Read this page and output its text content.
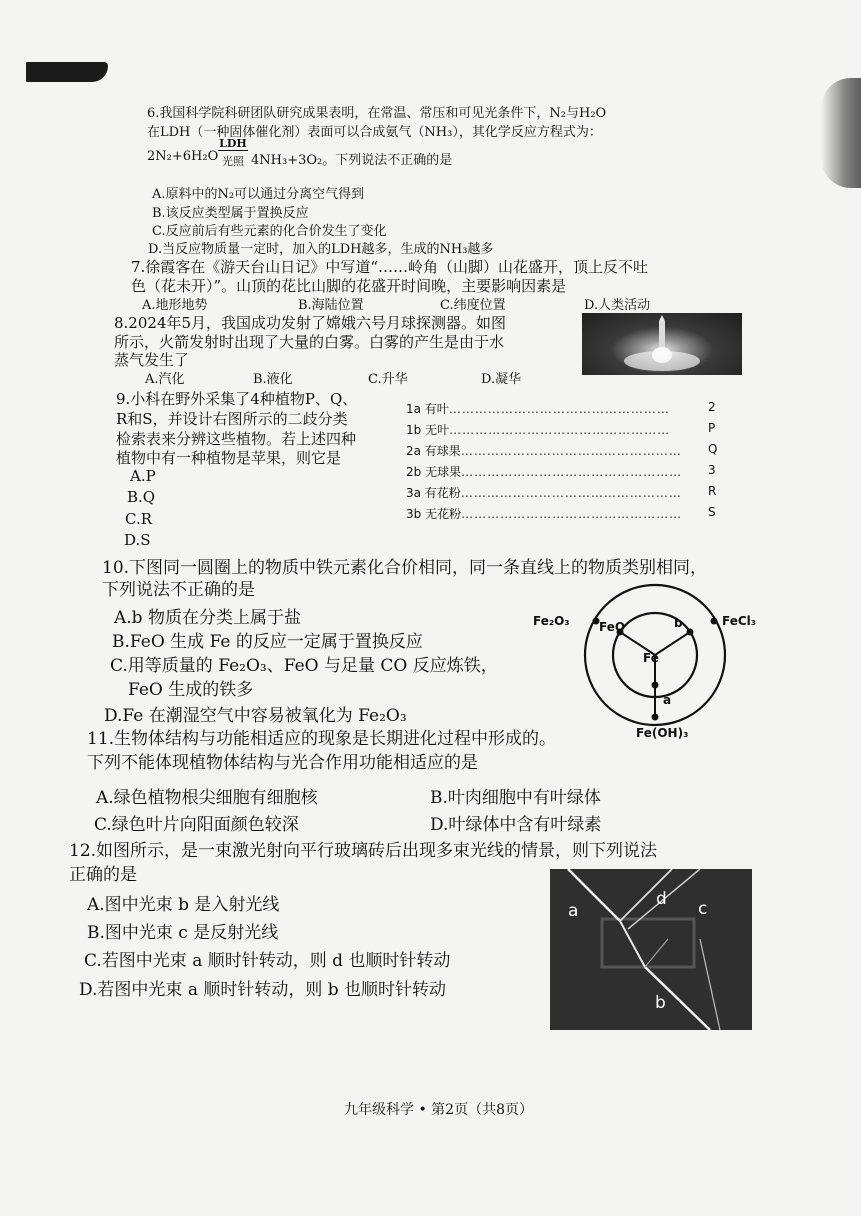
6.我国科学院科研团队研究成果表明，在常温、常压和可见光条件下，N₂与H₂O
在LDH（一种固体催化剂）表面可以合成氨气（NH₃），其化学反应方程式为：
2N₂+6H₂O
LDH
光照 4NH₃+3O₂。下列说法不正确的是
A.原料中的N₂可以通过分离空气得到
B.该反应类型属于置换反应
C.反应前后有些元素的化合价发生了变化
D.当反应物质量一定时，加入的LDH越多，生成的NH₃越多
7.徐霞客在《游天台山日记》中写道“……岭角（山脚）山花盛开，顶上反不吐
色（花未开）”。山顶的花比山脚的花盛开时间晚，主要影响因素是
A.地形地势	B.海陆位置	C.纬度位置	D.人类活动
8.2024年5月，我国成功发射了嫦娥六号月球探测器。如图
所示，火箭发射时出现了大量的白雾。白雾的产生是由于水
蒸气发生了
A.汽化	B.液化	C.升华	D.凝华
9.小科在野外采集了4种植物P、Q、
R和S，并设计右图所示的二歧分类
检索表来分辨这些植物。若上述四种
植物中有一种植物是苹果，则它是
A.P
B.Q
C.R
D.S
1a 有叶……………………………………………	2
1b 无叶……………………………………………	P
2a 有球果…………………………………………… Q
2b 无球果…………………………………………… 3
3a 有花粉…………………………………………… R
3b 无花粉…………………………………………… S
10.下图同一圆圈上的物质中铁元素化合价相同，同一条直线上的物质类别相同，
下列说法不正确的是
A.b 物质在分类上属于盐
B.FeO 生成 Fe 的反应一定属于置换反应
C.用等质量的 Fe₂O₃、FeO 与足量 CO 反应炼铁，
FeO 生成的铁多
D.Fe 在潮湿空气中容易被氧化为 Fe₂O₃
Fe₂O₃ FeO	b	FeCl₃
Fe
a
Fe(OH)₃
11.生物体结构与功能相适应的现象是长期进化过程中形成的。
下列不能体现植物体结构与光合作用功能相适应的是
A.绿色植物根尖细胞有细胞核	B.叶肉细胞中有叶绿体
C.绿色叶片向阳面颜色较深	D.叶绿体中含有叶绿素
12.如图所示，是一束激光射向平行玻璃砖后出现多束光线的情景，则下列说法
正确的是
A.图中光束 b 是入射光线
B.图中光束 c 是反射光线
C.若图中光束 a 顺时针转动，则 d 也顺时针转动
D.若图中光束 a 顺时针转动，则 b 也顺时针转动
a
d c
b
九年级科学 • 第2页（共8页）
